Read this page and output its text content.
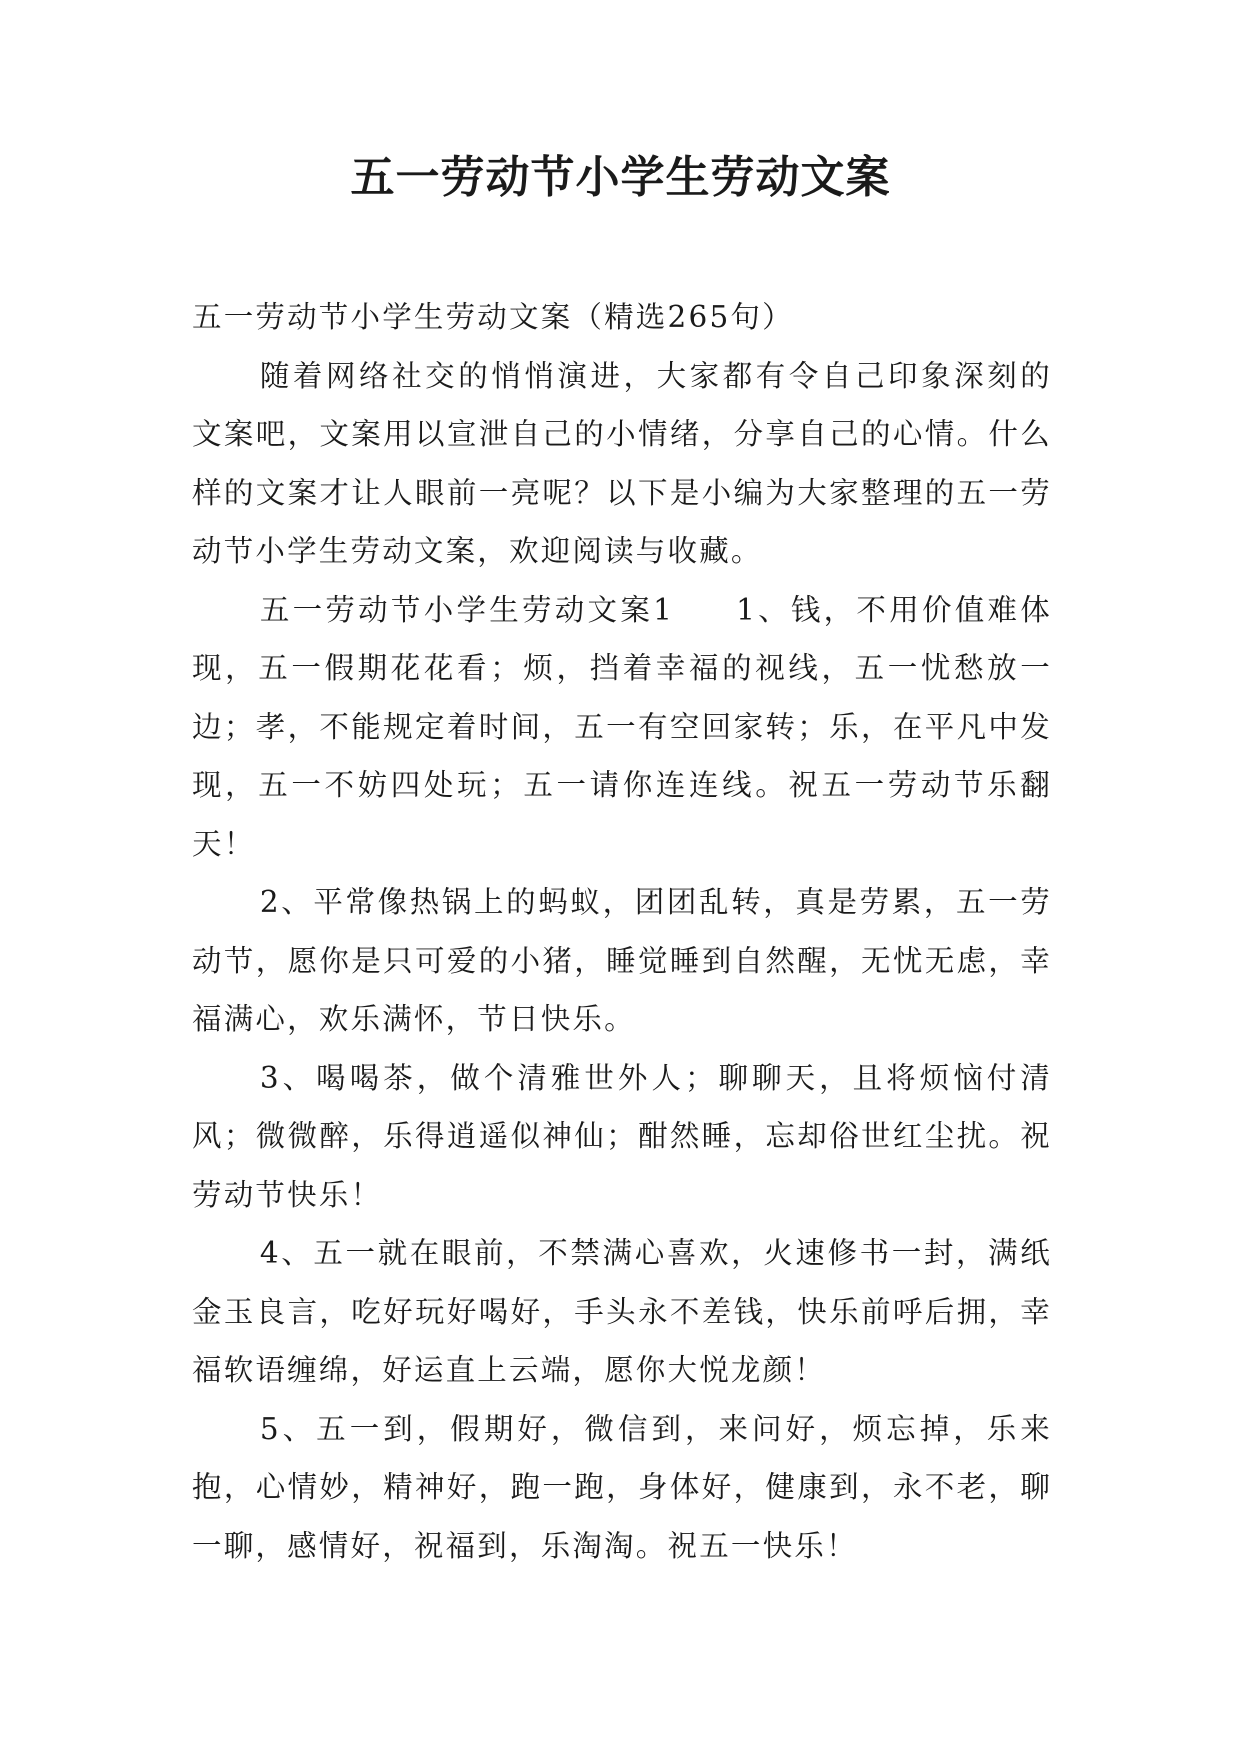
五一劳动节小学生劳动文案

五一劳动节小学生劳动文案（精选265句）

随着网络社交的悄悄演进，大家都有令自己印象深刻的文案吧，文案用以宣泄自己的小情绪，分享自己的心情。什么样的文案才让人眼前一亮呢？以下是小编为大家整理的五一劳动节小学生劳动文案，欢迎阅读与收藏。

五一劳动节小学生劳动文案1 1、钱，不用价值难体现，五一假期花花看；烦，挡着幸福的视线，五一忧愁放一边；孝，不能规定着时间，五一有空回家转；乐，在平凡中发现，五一不妨四处玩；五一请你连连线。祝五一劳动节乐翻天！

2、平常像热锅上的蚂蚁，团团乱转，真是劳累，五一劳动节，愿你是只可爱的小猪，睡觉睡到自然醒，无忧无虑，幸福满心，欢乐满怀，节日快乐。

3、喝喝茶，做个清雅世外人；聊聊天，且将烦恼付清风；微微醉，乐得逍遥似神仙；酣然睡，忘却俗世红尘扰。祝劳动节快乐！

4、五一就在眼前，不禁满心喜欢，火速修书一封，满纸金玉良言，吃好玩好喝好，手头永不差钱，快乐前呼后拥，幸福软语缠绵，好运直上云端，愿你大悦龙颜！

5、五一到，假期好，微信到，来问好，烦忘掉，乐来抱，心情妙，精神好，跑一跑，身体好，健康到，永不老，聊一聊，感情好，祝福到，乐淘淘。祝五一快乐！
